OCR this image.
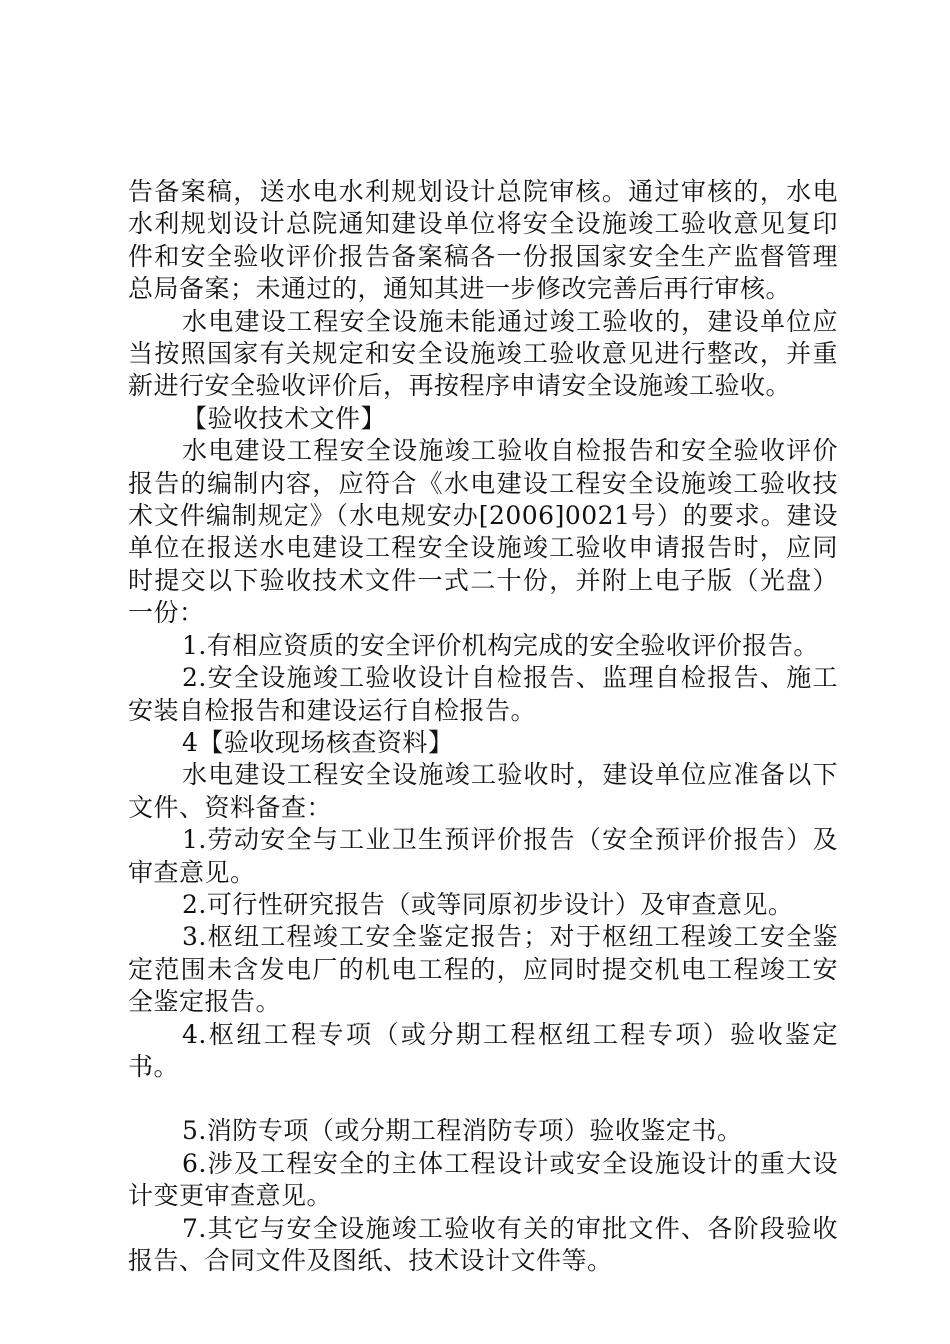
告备案稿，送水电水利规划设计总院审核。通过审核的，水电水利规划设计总院通知建设单位将安全设施竣工验收意见复印件和安全验收评价报告备案稿各一份报国家安全生产监督管理总局备案；未通过的，通知其进一步修改完善后再行审核。

水电建设工程安全设施未能通过竣工验收的，建设单位应当按照国家有关规定和安全设施竣工验收意见进行整改，并重新进行安全验收评价后，再按程序申请安全设施竣工验收。

【验收技术文件】

水电建设工程安全设施竣工验收自检报告和安全验收评价报告的编制内容，应符合《水电建设工程安全设施竣工验收技术文件编制规定》（水电规安办[2006]0021号）的要求。建设单位在报送水电建设工程安全设施竣工验收申请报告时，应同时提交以下验收技术文件一式二十份，并附上电子版（光盘）一份：

1.有相应资质的安全评价机构完成的安全验收评价报告。

2.安全设施竣工验收设计自检报告、监理自检报告、施工安装自检报告和建设运行自检报告。

4【验收现场核查资料】

水电建设工程安全设施竣工验收时，建设单位应准备以下文件、资料备查：

1.劳动安全与工业卫生预评价报告（安全预评价报告）及审查意见。

2.可行性研究报告（或等同原初步设计）及审查意见。

3.枢纽工程竣工安全鉴定报告；对于枢纽工程竣工安全鉴定范围未含发电厂的机电工程的，应同时提交机电工程竣工安全鉴定报告。

4.枢纽工程专项（或分期工程枢纽工程专项）验收鉴定书。

5.消防专项（或分期工程消防专项）验收鉴定书。

6.涉及工程安全的主体工程设计或安全设施设计的重大设计变更审查意见。

7.其它与安全设施竣工验收有关的审批文件、各阶段验收报告、合同文件及图纸、技术设计文件等。
